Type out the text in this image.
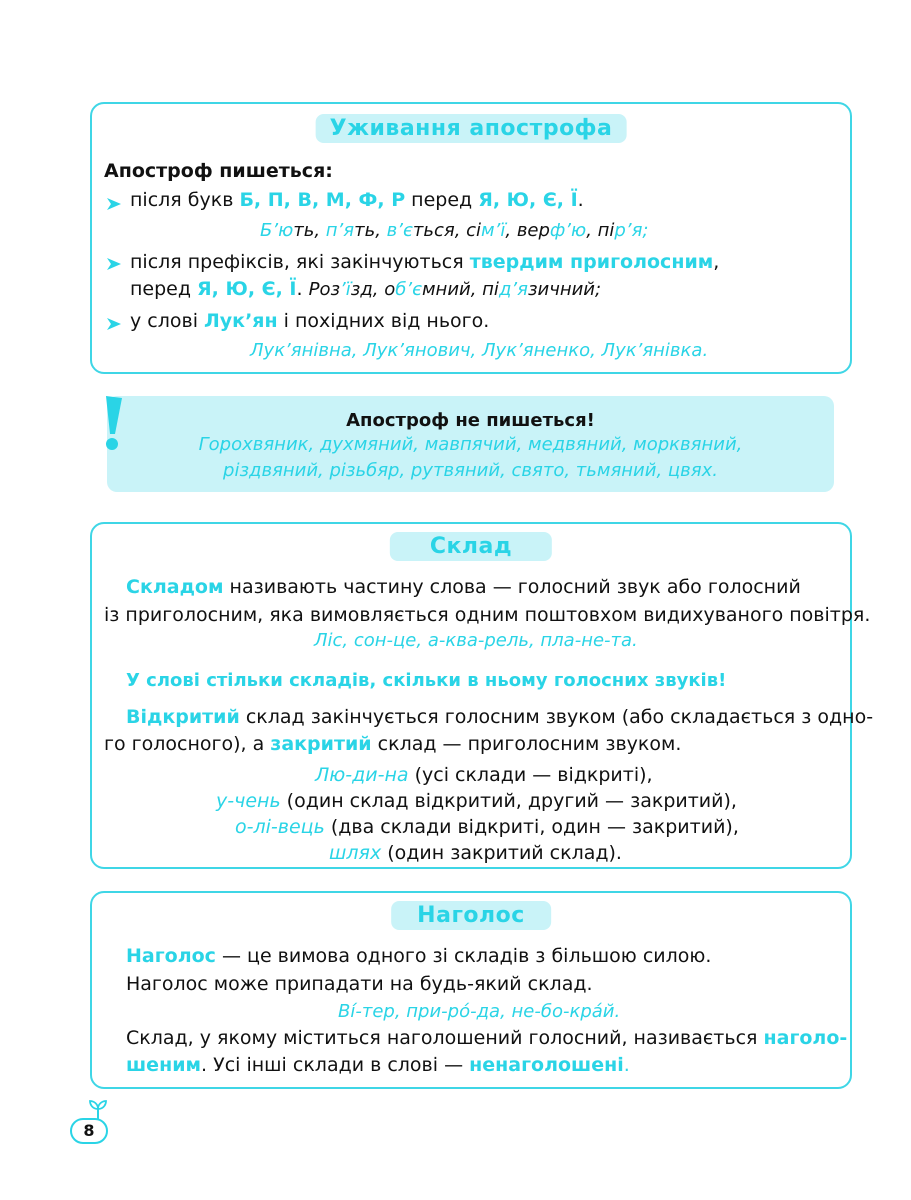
Уживання апострофа
Апостроф пишеться:
після букв Б, П, В, М, Ф, Р перед Я, Ю, Є, Ї.
Б’ють, п’ять, в’ється, сім’ї, верф’ю, пір’я;
після префіксів, які закінчуються твердим приголосним,
перед Я, Ю, Є, Ї. Роз’їзд, об’ємний, під’язичний;
у слові Лук’ян і похідних від нього.
Лук’янівна, Лук’янович, Лук’яненко, Лук’янівка.
Апостроф не пишеться!
Горохвяник, духмяний, мавпячий, медвяний, морквяний,
різдвяний, різьбяр, рутвяний, свято, тьмяний, цвях.
Склад
Складом називають частину слова — голосний звук або голосний
із приголосним, яка вимовляється одним поштовхом видихуваного повітря.
Ліс, сон-це, а-ква-рель, пла-не-та.
У слові стільки складів, скільки в ньому голосних звуків!
Відкритий склад закінчується голосним звуком (або складається з одно-
го голосного), а закритий склад — приголосним звуком.
Лю-ди-на (усі склади — відкриті),
у-чень (один склад відкритий, другий — закритий),
о-лі-вець (два склади відкриті, один — закритий),
шлях (один закритий склад).
Наголос
Наголос — це вимова одного зі складів з більшою силою.
Наголос може припадати на будь-який склад.
Ві́-тер, при-ро́-да, не-бо-кра́й.
Склад, у якому міститься наголошений голосний, називається наголо-
шеним. Усі інші склади в слові — ненаголошені.
8
